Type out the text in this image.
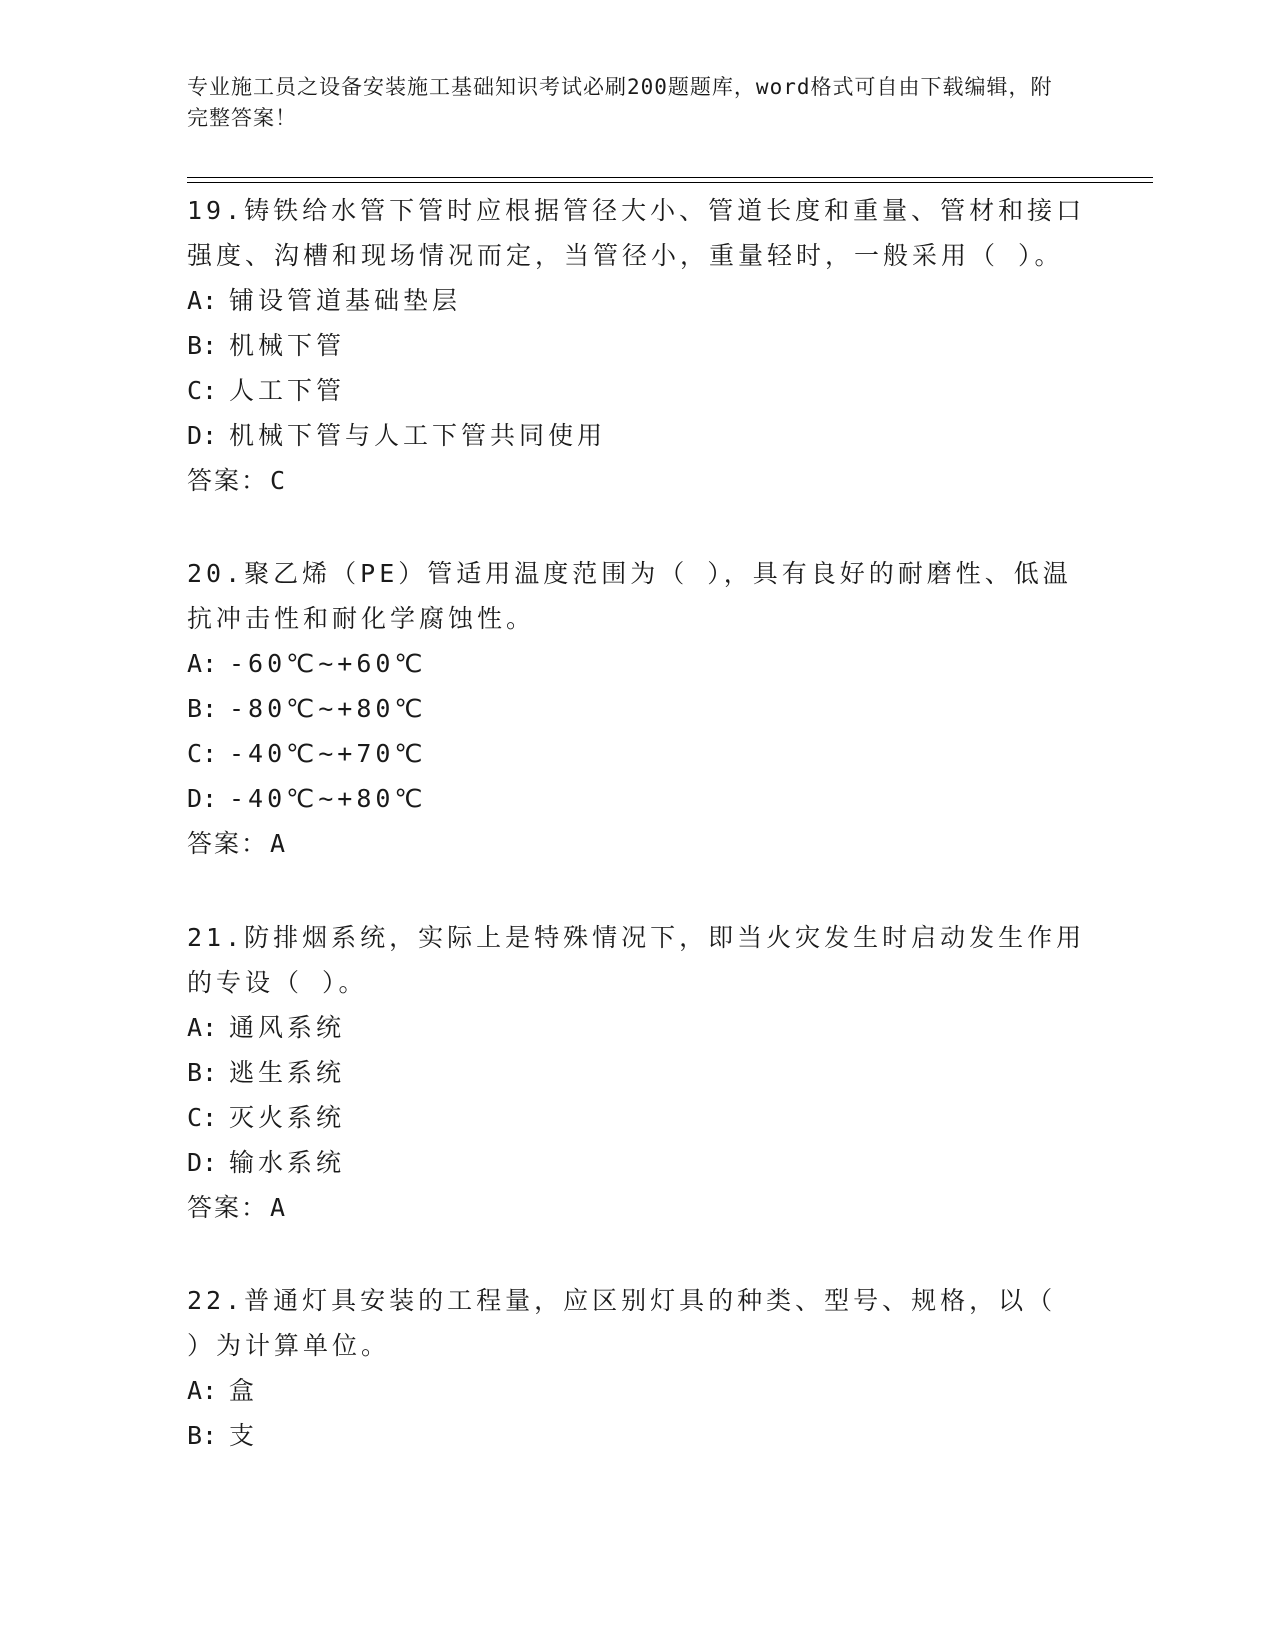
专业施工员之设备安装施工基础知识考试必刷200题题库，word格式可自由下载编辑，附完整答案！

19.铸铁给水管下管时应根据管径大小、管道长度和重量、管材和接口强度、沟槽和现场情况而定，当管径小，重量轻时，一般采用（ ）。

A: 铺设管道基础垫层

B: 机械下管

C: 人工下管

D: 机械下管与人工下管共同使用

答案：C

20.聚乙烯（PE）管适用温度范围为（ ），具有良好的耐磨性、低温抗冲击性和耐化学腐蚀性。

A: -60℃~+60℃

B: -80℃~+80℃

C: -40℃~+70℃

D: -40℃~+80℃

答案：A

21.防排烟系统，实际上是特殊情况下，即当火灾发生时启动发生作用的专设（ ）。

A: 通风系统

B: 逃生系统

C: 灭火系统

D: 输水系统

答案：A

22.普通灯具安装的工程量，应区别灯具的种类、型号、规格，以（ ）为计算单位。

A: 盒

B: 支
